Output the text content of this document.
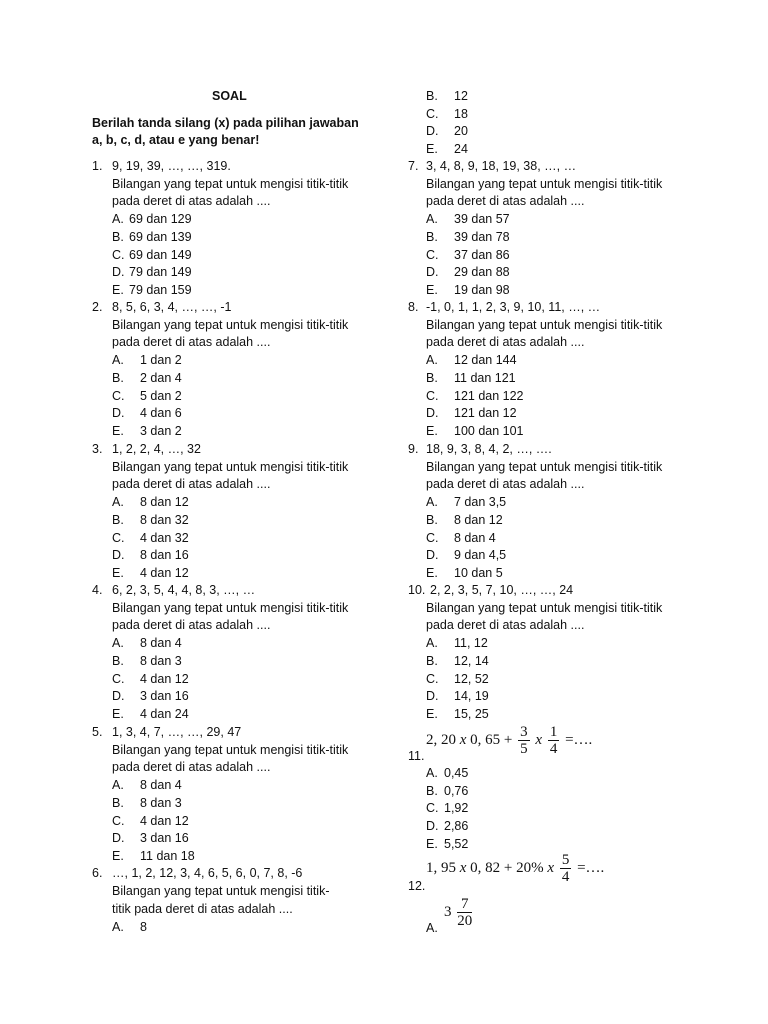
SOAL
Berilah tanda silang (x) pada pilihan jawaban
a, b, c, d, atau e yang benar!
1. 9, 19, 39, …, …, 319.
Bilangan yang tepat untuk mengisi titik-titik
pada deret di atas adalah ....
A. 69 dan 129
B. 69 dan 139
C. 69 dan 149
D. 79 dan 149
E. 79 dan 159
2. 8, 5, 6, 3, 4, …, …, -1
Bilangan yang tepat untuk mengisi titik-titik
pada deret di atas adalah ....
A. 1 dan 2
B. 2 dan 4
C. 5 dan 2
D. 4 dan 6
E. 3 dan 2
3. 1, 2, 2, 4, …, 32
Bilangan yang tepat untuk mengisi titik-titik
pada deret di atas adalah ....
A. 8 dan 12
B. 8 dan 32
C. 4 dan 32
D. 8 dan 16
E. 4 dan 12
4. 6, 2, 3, 5, 4, 4, 8, 3, …, …
Bilangan yang tepat untuk mengisi titik-titik
pada deret di atas adalah ....
A. 8 dan 4
B. 8 dan 3
C. 4 dan 12
D. 3 dan 16
E. 4 dan 24
5. 1, 3, 4, 7, …, …, 29, 47
Bilangan yang tepat untuk mengisi titik-titik
pada deret di atas adalah ....
A. 8 dan 4
B. 8 dan 3
C. 4 dan 12
D. 3 dan 16
E. 11 dan 18
6. …, 1, 2, 12, 3, 4, 6, 5, 6, 0, 7, 8, -6
Bilangan yang tepat untuk mengisi titik-
titik pada deret di atas adalah ....
A. 8
B. 12
C. 18
D. 20
E. 24
7. 3, 4, 8, 9, 18, 19, 38, …, …
Bilangan yang tepat untuk mengisi titik-titik
pada deret di atas adalah ....
A. 39 dan 57
B. 39 dan 78
C. 37 dan 86
D. 29 dan 88
E. 19 dan 98
8. -1, 0, 1, 1, 2, 3, 9, 10, 11, …, …
Bilangan yang tepat untuk mengisi titik-titik
pada deret di atas adalah ....
A. 12 dan 144
B. 11 dan 121
C. 121 dan 122
D. 121 dan 12
E. 100 dan 101
9. 18, 9, 3, 8, 4, 2, …, ….
Bilangan yang tepat untuk mengisi titik-titik
pada deret di atas adalah ....
A. 7 dan 3,5
B. 8 dan 12
C. 8 dan 4
D. 9 dan 4,5
E. 10 dan 5
10. 2, 2, 3, 5, 7, 10, …, …, 24
Bilangan yang tepat untuk mengisi titik-titik
pada deret di atas adalah ....
A. 11, 12
B. 12, 14
C. 12, 52
D. 14, 19
E. 15, 25
2, 20 x 0, $65 + \frac{3}{5}$ x $\frac{1}{4}$ =….
11.
A. 0,45
B. 0,76
C. 1,92
D. 2,86
E. 5,52
1, 95 x 0, 82 + 20% x $\frac{5}{4}$ =….
12.
A.
$3 \frac{7}{20}$
